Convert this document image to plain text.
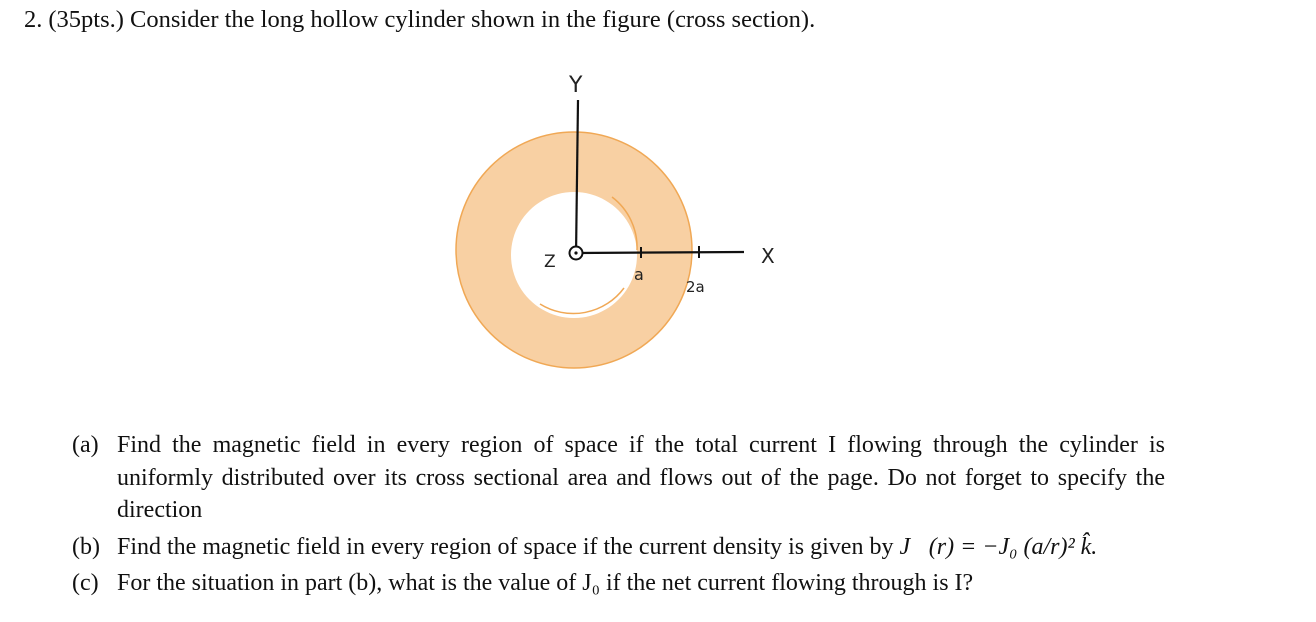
2. (35pts.) Consider the long hollow cylinder shown in the figure (cross section).
Y
X
Z
a
2a
(a) Find the magnetic field in every region of space if the total current I flowing through the cylinder is uniformly distributed over its cross sectional area and flows out of the page. Do not forget to specify the direction
(b) Find the magnetic field in every region of space if the current density is given by J⃗(r) = −J₀ (a/r)² k̂.
(c) For the situation in part (b), what is the value of J₀ if the net current flowing through is I?
